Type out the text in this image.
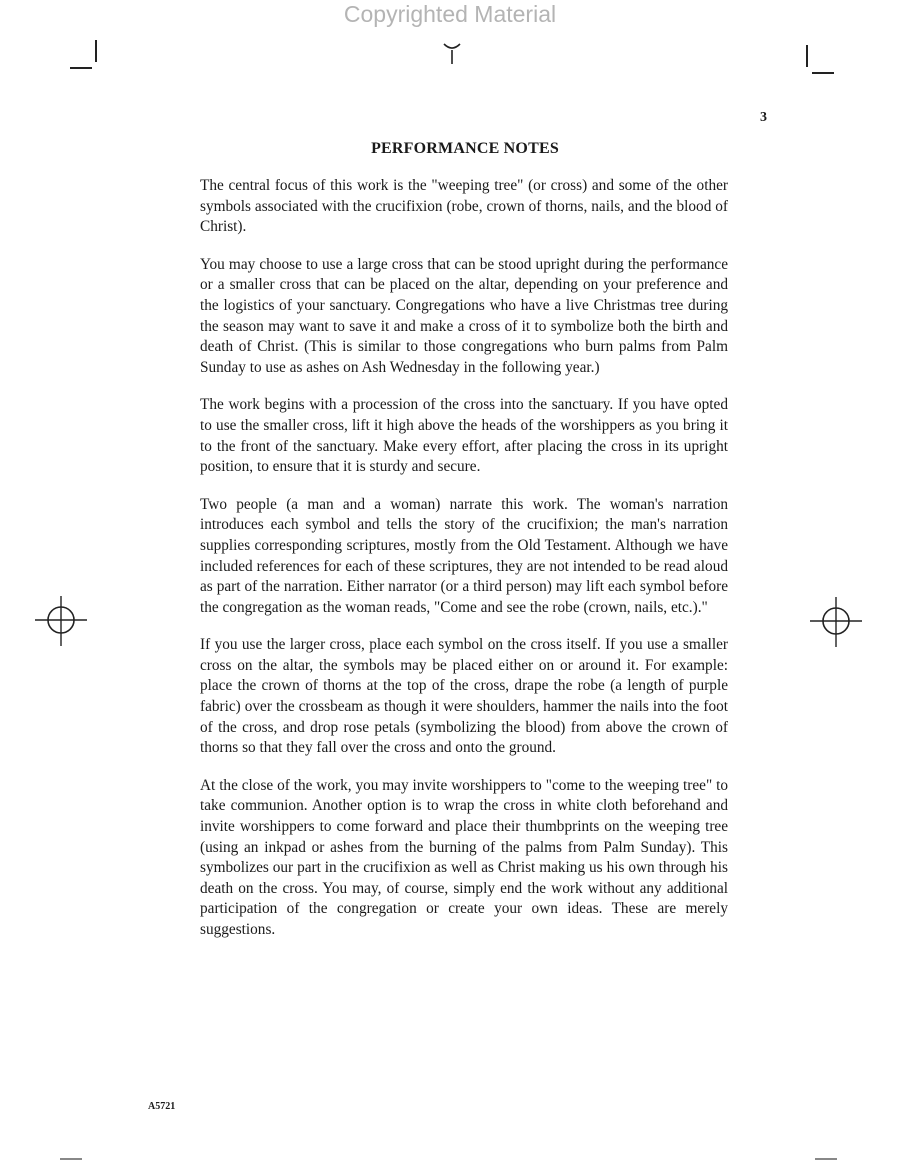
Copyrighted Material
3
PERFORMANCE NOTES

The central focus of this work is the "weeping tree" (or cross) and some of the other symbols associated with the crucifixion (robe, crown of thorns, nails, and the blood of Christ).

You may choose to use a large cross that can be stood upright during the performance or a smaller cross that can be placed on the altar, depending on your preference and the logistics of your sanctuary. Congregations who have a live Christmas tree during the season may want to save it and make a cross of it to symbolize both the birth and death of Christ. (This is similar to those congregations who burn palms from Palm Sunday to use as ashes on Ash Wednesday in the following year.)

The work begins with a procession of the cross into the sanctuary. If you have opted to use the smaller cross, lift it high above the heads of the worshippers as you bring it to the front of the sanctuary. Make every effort, after placing the cross in its upright position, to ensure that it is sturdy and secure.

Two people (a man and a woman) narrate this work. The woman's narration introduces each symbol and tells the story of the crucifixion; the man's narration supplies corresponding scriptures, mostly from the Old Testament. Although we have included references for each of these scriptures, they are not intended to be read aloud as part of the narration. Either narrator (or a third person) may lift each symbol before the congregation as the woman reads, "Come and see the robe (crown, nails, etc.)."

If you use the larger cross, place each symbol on the cross itself. If you use a smaller cross on the altar, the symbols may be placed either on or around it. For example: place the crown of thorns at the top of the cross, drape the robe (a length of purple fabric) over the crossbeam as though it were shoulders, hammer the nails into the foot of the cross, and drop rose petals (symbolizing the blood) from above the crown of thorns so that they fall over the cross and onto the ground.

At the close of the work, you may invite worshippers to "come to the weeping tree" to take communion. Another option is to wrap the cross in white cloth beforehand and invite worshippers to come forward and place their thumbprints on the weeping tree (using an inkpad or ashes from the burning of the palms from Palm Sunday). This symbolizes our part in the crucifixion as well as Christ making us his own through his death on the cross. You may, of course, simply end the work without any additional participation of the congregation or create your own ideas. These are merely suggestions.

A5721
